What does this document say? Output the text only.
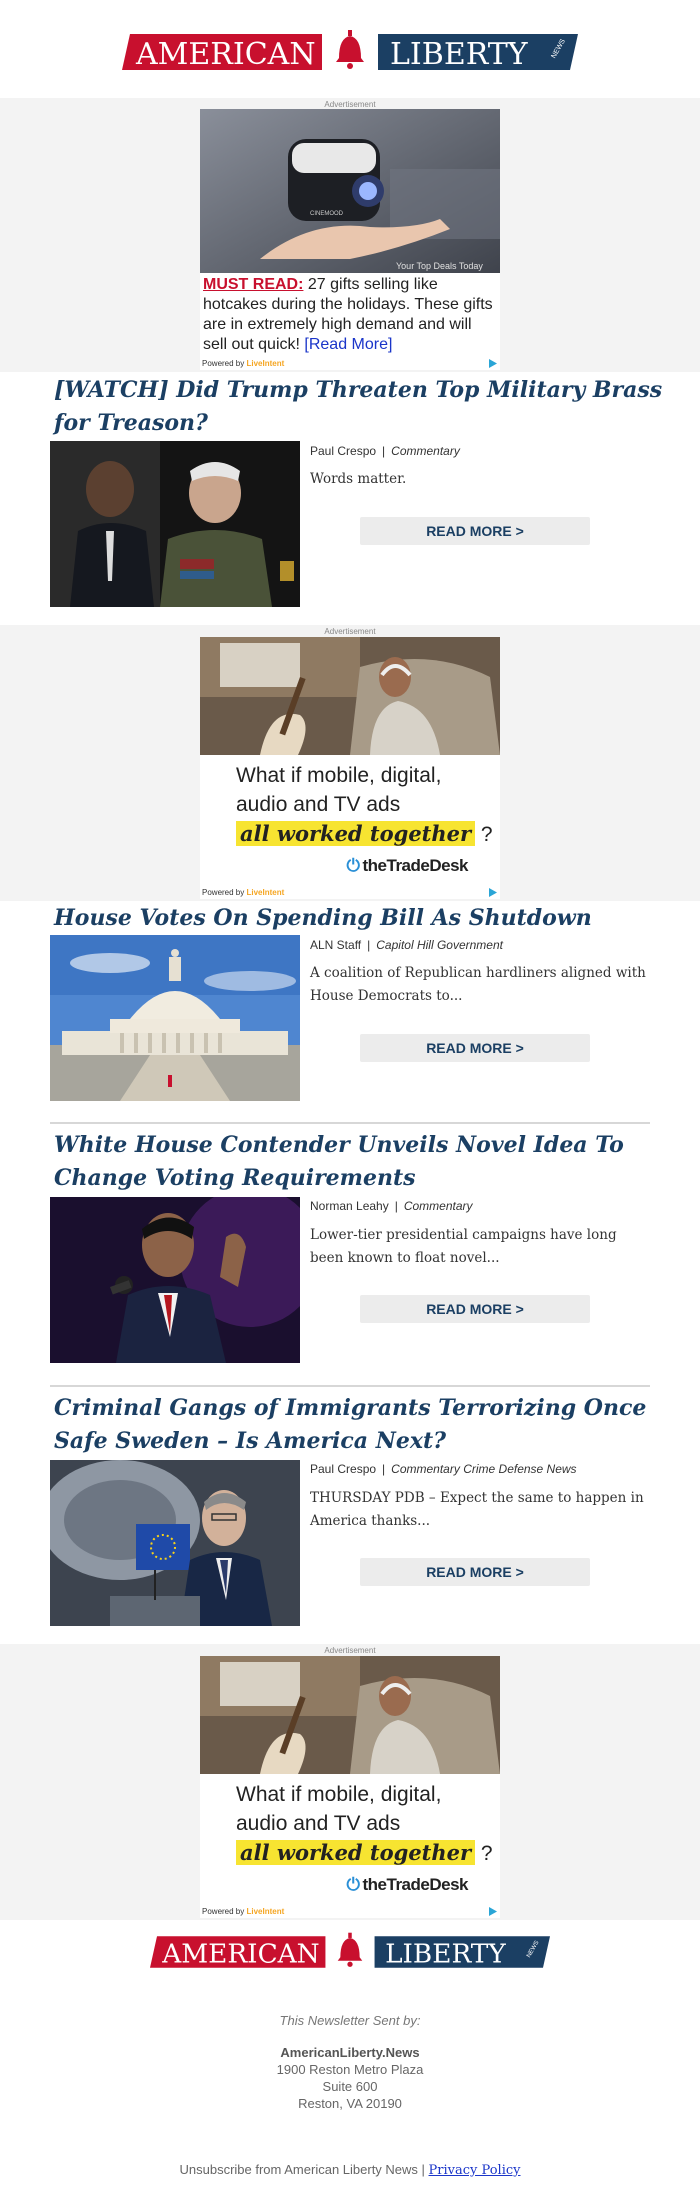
AMERICAN LIBERTY	NEWS
Advertisement
CINEMOOD
Your Top Deals Today
MUST READ: 27 gifts selling like hotcakes during the holidays. These gifts are in extremely high demand and will sell out quick! [Read More]
Powered by LiveIntent
[WATCH] Did Trump Threaten Top Military Brass for Treason?
Paul Crespo | Commentary
Words matter.
READ MORE >
Advertisement
What if mobile, digital,
audio and TV ads
all worked together ?
⏻ theTradeDesk
Powered by LiveIntent
House Votes On Spending Bill As Shutdown
ALN Staff | Capitol Hill Government
A coalition of Republican hardliners aligned with House Democrats to...
READ MORE >
White House Contender Unveils Novel Idea To Change Voting Requirements
Norman Leahy | Commentary
Lower-tier presidential campaigns have long been known to float novel...
READ MORE >
Criminal Gangs of Immigrants Terrorizing Once Safe Sweden – Is America Next?
Paul Crespo | Commentary Crime Defense News
THURSDAY PDB – Expect the same to happen in America thanks...
READ MORE >
Advertisement
What if mobile, digital,
audio and TV ads
all worked together ?
⏻ theTradeDesk
Powered by LiveIntent
AMERICAN LIBERTY	NEWS
This Newsletter Sent by:
AmericanLiberty.News
1900 Reston Metro Plaza
Suite 600
Reston, VA 20190
Unsubscribe from American Liberty News | Privacy Policy
